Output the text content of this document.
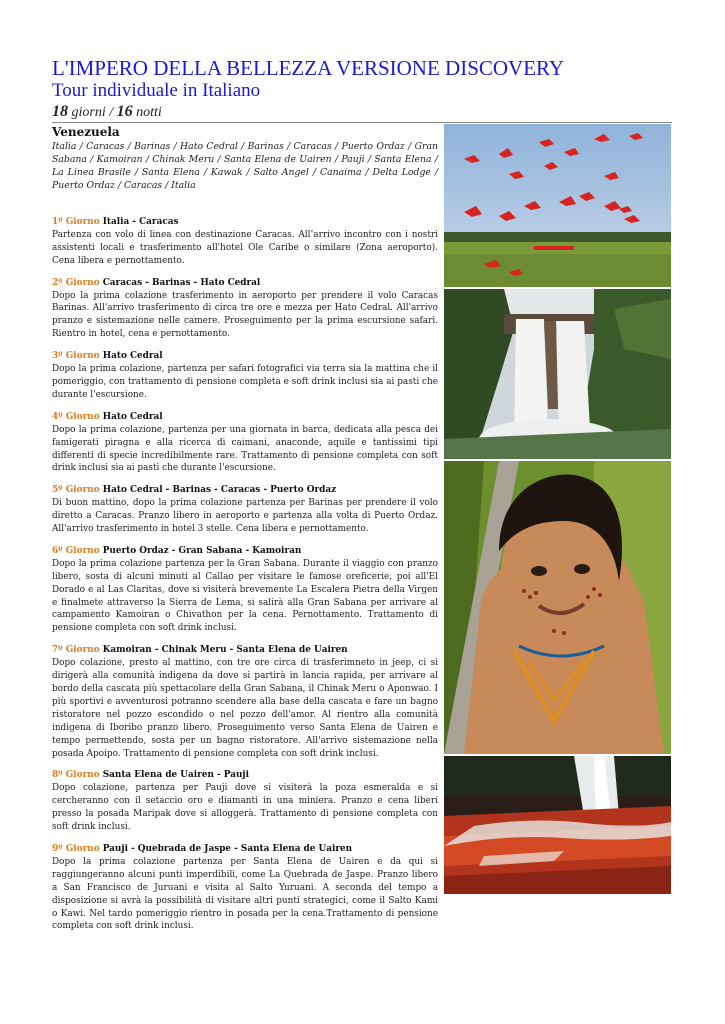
L'IMPERO DELLA BELLEZZA VERSIONE DISCOVERY
Tour individuale in Italiano
18 giorni / 16 notti
Venezuela
Italia / Caracas / Barinas / Hato Cedral / Barinas / Caracas / Puerto Ordaz / Gran Sabana / Kamoiran / Chinak Meru / Santa Elena de Uairen / Pauji / Santa Elena / La Linea Brasile / Santa Elena / Kawak / Salto Angel / Canaima / Delta Lodge / Puerto Ordaz / Caracas / Italia
1º Giorno Italia - Caracas
Partenza con volo di linea con destinazione Caracas. All’arrivo incontro con i nostri assistenti locali e trasferimento all'hotel Ole Caribe o similare (Zona aeroporto). Cena libera e pernottamento.
2º Giorno Caracas - Barinas - Hato Cedral
Dopo la prima colazione trasferimento in aeroporto per prendere il volo Caracas Barinas. All'arrivo trasferimento di circa tre ore e mezza per Hato Cedral. All'arrivo pranzo e sistemazione nelle camere. Proseguimento per la prima escursione safari. Rientro in hotel, cena e pernottamento.
3º Giorno Hato Cedral
Dopo la prima colazione, partenza per safari fotografici via terra sia la mattina che il pomeriggio, con trattamento di pensione completa e soft drink inclusi sia ai pasti che durante l'escursione.
4º Giorno Hato Cedral
Dopo la prima colazione, partenza per una giornata in barca, dedicata alla pesca dei famigerati piragna e alla ricerca di caimani, anaconde, aquile e tantissimi tipi differenti di specie incredibilmente rare. Trattamento di pensione completa con soft drink inclusi sia ai pasti che durante l'escursione.
5º Giorno Hato Cedral - Barinas - Caracas - Puerto Ordaz
Di buon mattino, dopo la prima colazione partenza per Barinas per prendere il volo diretto a Caracas. Pranzo libero in aeroporto e partenza alla volta di Puerto Ordaz. All'arrivo trasferimento in hotel 3 stelle. Cena libera e pernottamento.
6º Giorno Puerto Ordaz - Gran Sabana - Kamoiran
Dopo la prima colazione partenza per la Gran Sabana. Durante il viaggio con pranzo libero, sosta di alcuni minuti al Callao per visitare le famose oreficerie, poi all'El Dorado e al Las Claritas, dove si visiterà brevemente La Escalera Pietra della Virgen e finalmete attraverso la Sierra de Lema, si salirà alla Gran Sabana per arrivare al campamento Kamoiran o Chivathon per la cena. Pernottamento. Trattamento di pensione completa con soft drink inclusi.
7º Giorno Kamoiran - Chinak Meru - Santa Elena de Uairen
Dopo colazione, presto al mattino, con tre ore circa di trasferimneto in jeep, ci si dirigerà alla comunità indigena da dove si partirà in lancia rapida, per arrivare al bordo della cascata più spettacolare della Gran Sabana, il Chinak Meru o Aponwao. I più sportivi e avventurosi potranno scendere alla base della cascata e fare un bagno ristoratore nel pozzo escondido o nel pozzo dell'amor. Al rientro alla comunità indigena di Iboribo pranzo libero. Proseguimento verso Santa Elena de Uairen e tempo permettendo, sosta per un bagno ristoratore. All'arrivo sistemazione nella posada Apoipo. Trattamento di pensione completa con soft drink inclusi.
8º Giorno Santa Elena de Uairen - Pauji
Dopo colazione, partenza per Pauji dove si visiterà la poza esmeralda e si cercheranno con il setaccio oro e diamanti in una miniera. Pranzo e cena liberi presso la posada Maripak dove si alloggerà. Trattamento di pensione completa con soft drink inclusi.
9º Giorno Pauji - Quebrada de Jaspe - Santa Elena de Uairen
Dopo la prima colazione partenza per Santa Elena de Uairen e da qui si raggiungeranno alcuni punti imperdibili, come La Quebrada de Jaspe. Pranzo libero a San Francisco de Juruani e visita al Salto Yuruani. A seconda del tempo a disposizione si avrà la possibilità di visitare altri punti strategici, come il Salto Kami o Kawi. Nel tardo pomeriggio rientro in posada per la cena.Trattamento di pensione completa con soft drink inclusi.
